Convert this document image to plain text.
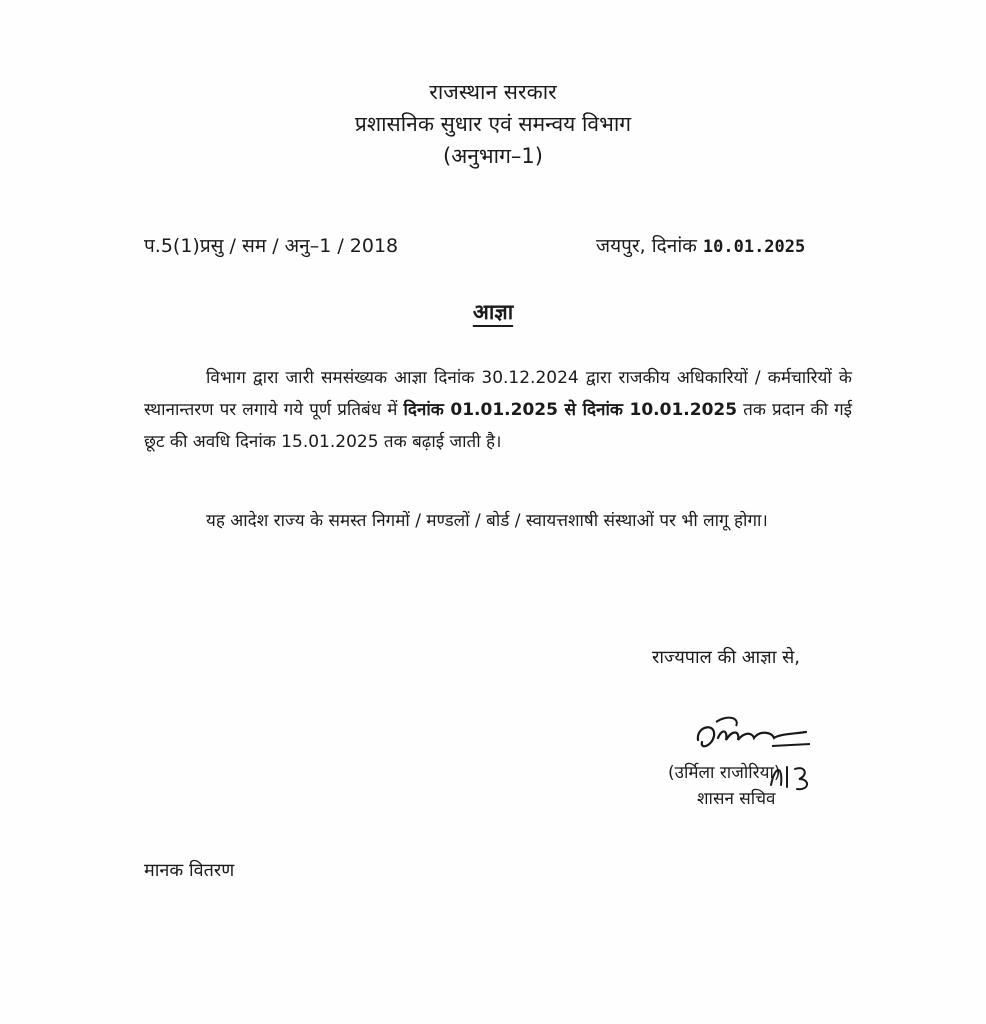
राजस्थान सरकार
प्रशासनिक सुधार एवं समन्वय विभाग
(अनुभाग–1)
प.5(1)प्रसु / सम / अनु–1 / 2018	जयपुर, दिनांक 10.01.2025
आज्ञा
विभाग द्वारा जारी समसंख्यक आज्ञा दिनांक 30.12.2024 द्वारा राजकीय अधिकारियों / कर्मचारियों के स्थानान्तरण पर लगाये गये पूर्ण प्रतिबंध में दिनांक 01.01.2025 से दिनांक 10.01.2025 तक प्रदान की गई छूट की अवधि दिनांक 15.01.2025 तक बढ़ाई जाती है।
यह आदेश राज्य के समस्त निगमों / मण्डलों / बोर्ड / स्वायत्तशाषी संस्थाओं पर भी लागू होगा।
राज्यपाल की आज्ञा से,
(उर्मिला राजोरिया)
शासन सचिव
मानक वितरण
